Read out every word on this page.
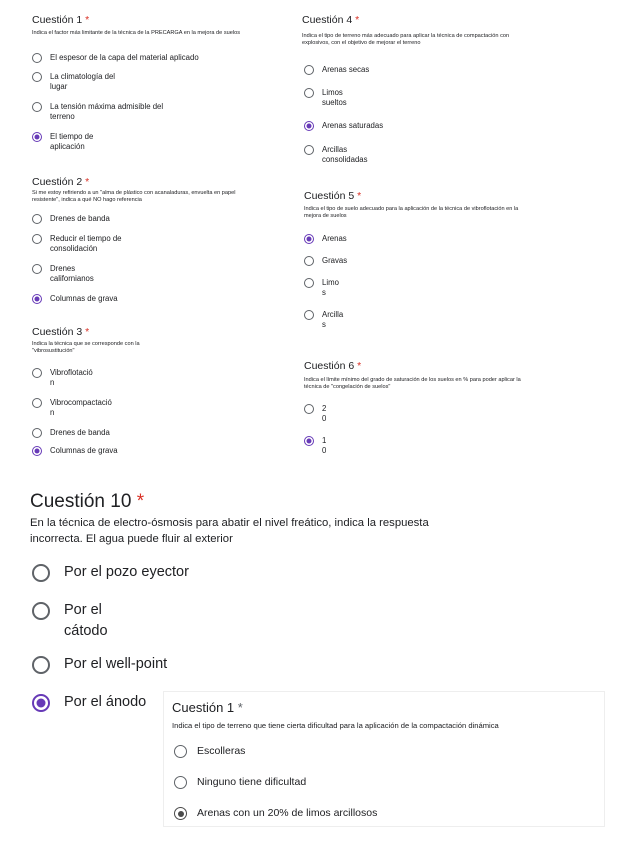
Cuestión 1 *
Indica el factor más limitante de la técnica de la PRECARGA en la mejora de suelos
El espesor de la capa del material aplicado
La climatología del
lugar
La tensión máxima admisible del
terreno
El tiempo de
aplicación
Cuestión 2 *
Si me estoy refiriendo a un "alma de plástico con acanaladuras, envuelta en papel
resistente", indica a qué NO hago referencia
Drenes de banda
Reducir el tiempo de
consolidación
Drenes
californianos
Columnas de grava
Cuestión 3 *
Indica la técnica que se corresponde con la
"vibrosustitución"
Vibroflotació
n
Vibrocompactació
n
Drenes de banda
Columnas de grava
Cuestión 4 *
Indica el tipo de terreno más adecuado para aplicar la técnica de compactación con
explosivos, con el objetivo de mejorar el terreno
Arenas secas
Limos
sueltos
Arenas saturadas
Arcillas
consolidadas
Cuestión 5 *
Indica el tipo de suelo adecuado para la aplicación de la técnica de vibroflotación en la
mejora de suelos
Arenas
Gravas
Limo
s
Arcilla
s
Cuestión 6 *
Indica el límite mínimo del grado de saturación de los suelos en % para poder aplicar la
técnica de "congelación de suelos"
2
0
1
0
Cuestión 10 *
En la técnica de electro-ósmosis para abatir el nivel freático, indica la respuesta
incorrecta. El agua puede fluir al exterior
Por el pozo eyector
Por el
cátodo
Por el well-point
Por el ánodo Cuestión 1 *
Indica el tipo de terreno que tiene cierta dificultad para la aplicación de la compactación dinámica
Escolleras
Ninguno tiene dificultad
Arenas con un 20% de limos arcillosos
